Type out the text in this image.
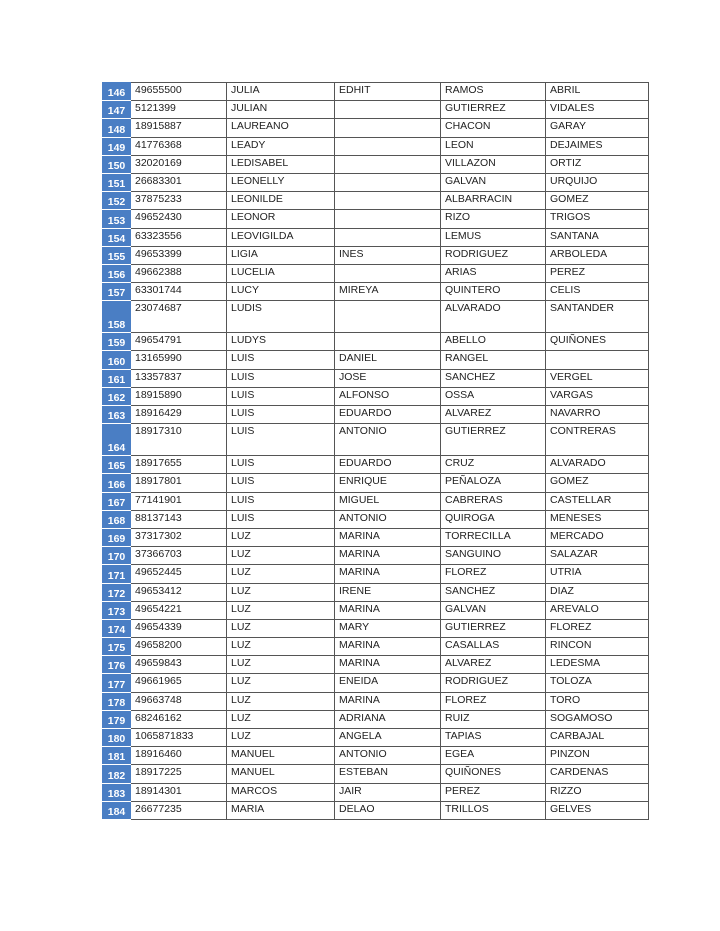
146	49655500	JULIA	EDHIT	RAMOS	ABRIL
147	5121399	JULIAN		GUTIERREZ	VIDALES
148	18915887	LAUREANO		CHACON	GARAY
149	41776368	LEADY		LEON	DEJAIMES
150	32020169	LEDISABEL		VILLAZON	ORTIZ
151	26683301	LEONELLY		GALVAN	URQUIJO
152	37875233	LEONILDE		ALBARRACIN	GOMEZ
153	49652430	LEONOR		RIZO	TRIGOS
154	63323556	LEOVIGILDA		LEMUS	SANTANA
155	49653399	LIGIA	INES	RODRIGUEZ	ARBOLEDA
156	49662388	LUCELIA		ARIAS	PEREZ
157	63301744	LUCY	MIREYA	QUINTERO	CELIS
158	23074687	LUDIS		ALVARADO	SANTANDER
159	49654791	LUDYS		ABELLO	QUIÑONES
160	13165990	LUIS	DANIEL	RANGEL	
161	13357837	LUIS	JOSE	SANCHEZ	VERGEL
162	18915890	LUIS	ALFONSO	OSSA	VARGAS
163	18916429	LUIS	EDUARDO	ALVAREZ	NAVARRO
164	18917310	LUIS	ANTONIO	GUTIERREZ	CONTRERAS
165	18917655	LUIS	EDUARDO	CRUZ	ALVARADO
166	18917801	LUIS	ENRIQUE	PEÑALOZA	GOMEZ
167	77141901	LUIS	MIGUEL	CABRERAS	CASTELLAR
168	88137143	LUIS	ANTONIO	QUIROGA	MENESES
169	37317302	LUZ	MARINA	TORRECILLA	MERCADO
170	37366703	LUZ	MARINA	SANGUINO	SALAZAR
171	49652445	LUZ	MARINA	FLOREZ	UTRIA
172	49653412	LUZ	IRENE	SANCHEZ	DIAZ
173	49654221	LUZ	MARINA	GALVAN	AREVALO
174	49654339	LUZ	MARY	GUTIERREZ	FLOREZ
175	49658200	LUZ	MARINA	CASALLAS	RINCON
176	49659843	LUZ	MARINA	ALVAREZ	LEDESMA
177	49661965	LUZ	ENEIDA	RODRIGUEZ	TOLOZA
178	49663748	LUZ	MARINA	FLOREZ	TORO
179	68246162	LUZ	ADRIANA	RUIZ	SOGAMOSO
180	1065871833	LUZ	ANGELA	TAPIAS	CARBAJAL
181	18916460	MANUEL	ANTONIO	EGEA	PINZON
182	18917225	MANUEL	ESTEBAN	QUIÑONES	CARDENAS
183	18914301	MARCOS	JAIR	PEREZ	RIZZO
184	26677235	MARIA	DELAO	TRILLOS	GELVES
